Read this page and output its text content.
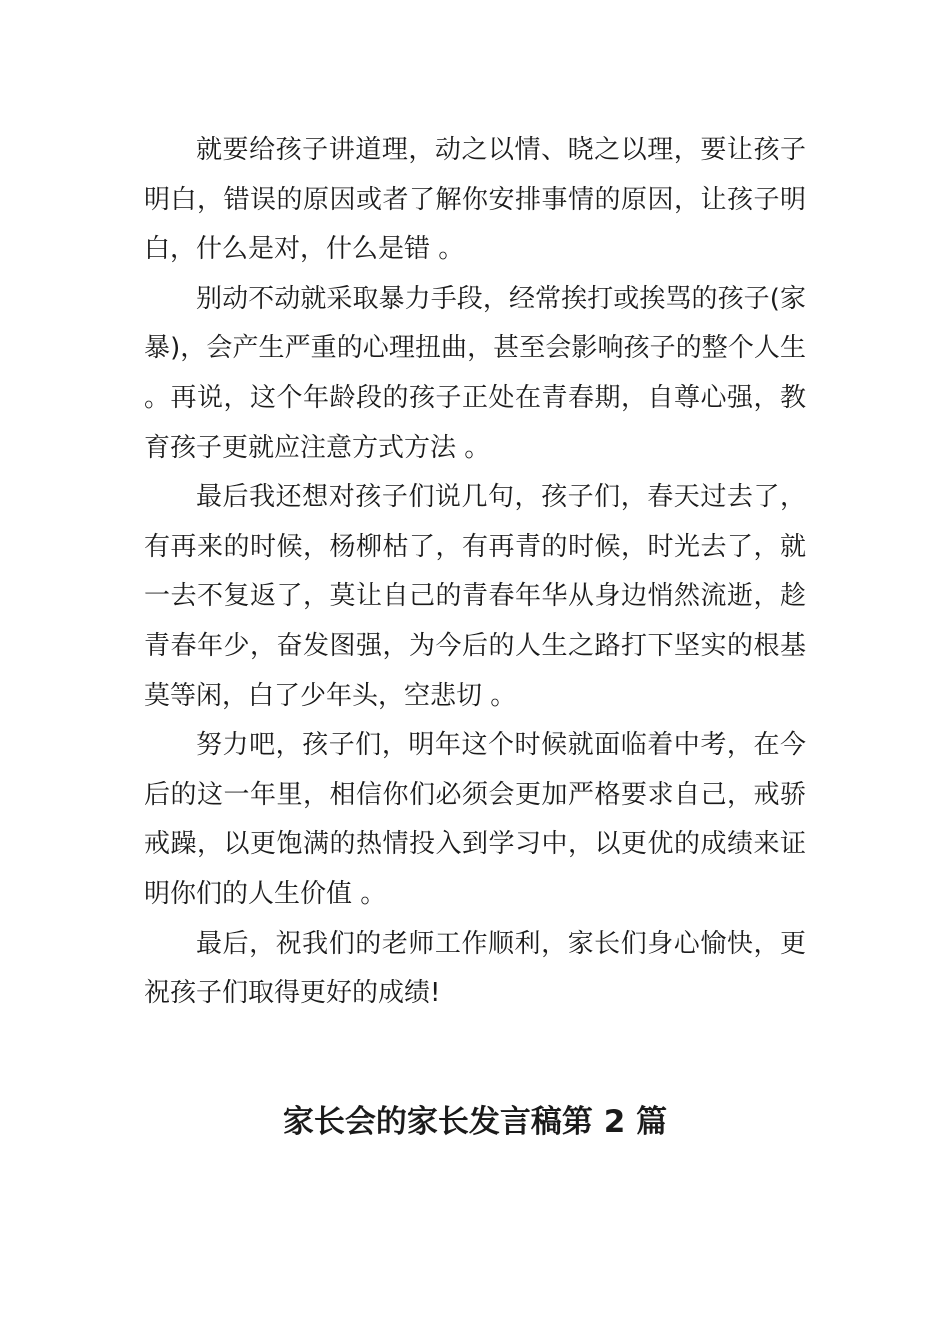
就要给孩子讲道理，动之以情、晓之以理，要让孩子明白，错误的原因或者了解你安排事情的原因，让孩子明白，什么是对，什么是错 。

别动不动就采取暴力手段，经常挨打或挨骂的孩子(家暴)，会产生严重的心理扭曲，甚至会影响孩子的整个人生 。再说，这个年龄段的孩子正处在青春期，自尊心强，教育孩子更就应注意方式方法 。

最后我还想对孩子们说几句，孩子们，春天过去了，有再来的时候，杨柳枯了，有再青的时候，时光去了，就一去不复返了，莫让自己的青春年华从身边悄然流逝，趁青春年少，奋发图强，为今后的人生之路打下坚实的根基莫等闲，白了少年头，空悲切 。

努力吧，孩子们，明年这个时候就面临着中考，在今后的这一年里，相信你们必须会更加严格要求自己，戒骄戒躁，以更饱满的热情投入到学习中，以更优的成绩来证明你们的人生价值 。

最后，祝我们的老师工作顺利，家长们身心愉快，更祝孩子们取得更好的成绩!

家长会的家长发言稿第 2 篇
